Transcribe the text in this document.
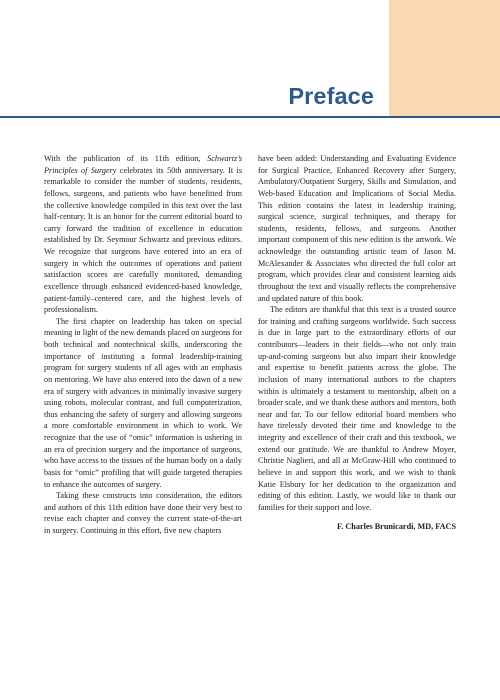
Preface

With the publication of its 11th edition, Schwartz’s Principles of Surgery celebrates its 50th anniversary. It is remarkable to consider the number of students, residents, fellows, surgeons, and patients who have benefitted from the collective knowledge compiled in this text over the last half-century. It is an honor for the current editorial board to carry forward the tradition of excellence in education established by Dr. Seymour Schwartz and previous editors. We recognize that surgeons have entered into an era of surgery in which the outcomes of operations and patient satisfaction scores are carefully monitored, demanding excellence through enhanced evidenced-based knowledge, patient-family–centered care, and the highest levels of professionalism.

The first chapter on leadership has taken on special meaning in light of the new demands placed on surgeons for both technical and nontechnical skills, underscoring the importance of instituting a formal leadership-training program for surgery students of all ages with an emphasis on mentoring. We have also entered into the dawn of a new era of surgery with advances in minimally invasive surgery using robots, molecular contrast, and full computerization, thus enhancing the safety of surgery and allowing surgeons a more comfortable environment in which to work. We recognize that the use of “omic” information is ushering in an era of precision surgery and the importance of surgeons, who have access to the tissues of the human body on a daily basis for “omic” profiling that will guide targeted therapies to enhance the outcomes of surgery.

Taking these constructs into consideration, the editors and authors of this 11th edition have done their very best to revise each chapter and convey the current state-of-the-art in surgery. Continuing in this effort, five new chapters

have been added: Understanding and Evaluating Evidence for Surgical Practice, Enhanced Recovery after Surgery, Ambulatory/Outpatient Surgery, Skills and Simulation, and Web-based Education and Implications of Social Media. This edition contains the latest in leadership training, surgical science, surgical techniques, and therapy for students, residents, fellows, and surgeons. Another important component of this new edition is the artwork. We acknowledge the outstanding artistic team of Jason M. McAlexander & Associates who directed the full color art program, which provides clear and consistent learning aids throughout the text and visually reflects the comprehensive and updated nature of this book.

The editors are thankful that this text is a trusted source for training and crafting surgeons worldwide. Such success is due in large part to the extraordinary efforts of our contributors—leaders in their fields—who not only train up-and-coming surgeons but also impart their knowledge and expertise to benefit patients across the globe. The inclusion of many international authors to the chapters within is ultimately a testament to mentorship, albeit on a broader scale, and we thank these authors and mentors, both near and far. To our fellow editorial board members who have tirelessly devoted their time and knowledge to the integrity and excellence of their craft and this textbook, we extend our gratitude. We are thankful to Andrew Moyer, Christie Naglieri, and all at McGraw-Hill who continued to believe in and support this work, and we wish to thank Katie Elsbury for her dedication to the organization and editing of this edition. Lastly, we would like to thank our families for their support and love.

F. Charles Brunicardi, MD, FACS
